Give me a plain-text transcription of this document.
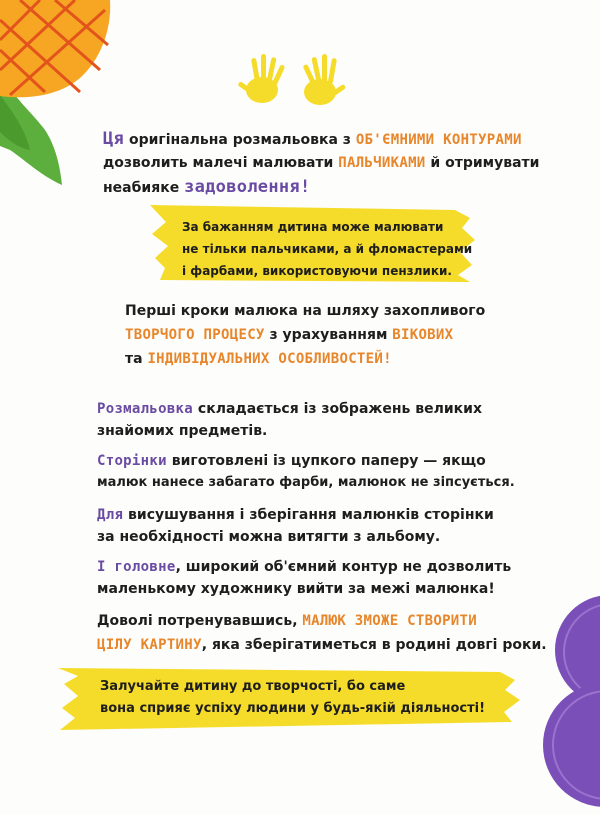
Ця оригінальна розмальовка з ОБ'ЄМНИМИ КОНТУРАМИ
дозволить малечі малювати ПАЛЬЧИКАМИ й отримувати
неабияке задоволення!
За бажанням дитина може малювати
не тільки пальчиками, а й фломастерами
і фарбами, використовуючи пензлики.
Перші кроки малюка на шляху захопливого
ТВОРЧОГО ПРОЦЕСУ з урахуванням ВІКОВИХ
та ІНДИВІДУАЛЬНИХ ОСОБЛИВОСТЕЙ!
Розмальовка складається із зображень великих
знайомих предметів.
Сторінки виготовлені із цупкого паперу — якщо
малюк нанесе забагато фарби, малюнок не зіпсується.
Для висушування і зберігання малюнків сторінки
за необхідності можна витягти з альбому.
І головне, широкий об'ємний контур не дозволить
маленькому художнику вийти за межі малюнка!
Доволі потренувавшись, МАЛЮК ЗМОЖЕ СТВОРИТИ
ЦІЛУ КАРТИНУ, яка зберігатиметься в родині довгі роки.
Залучайте дитину до творчості, бо саме
вона сприяє успіху людини у будь-якій діяльності!
